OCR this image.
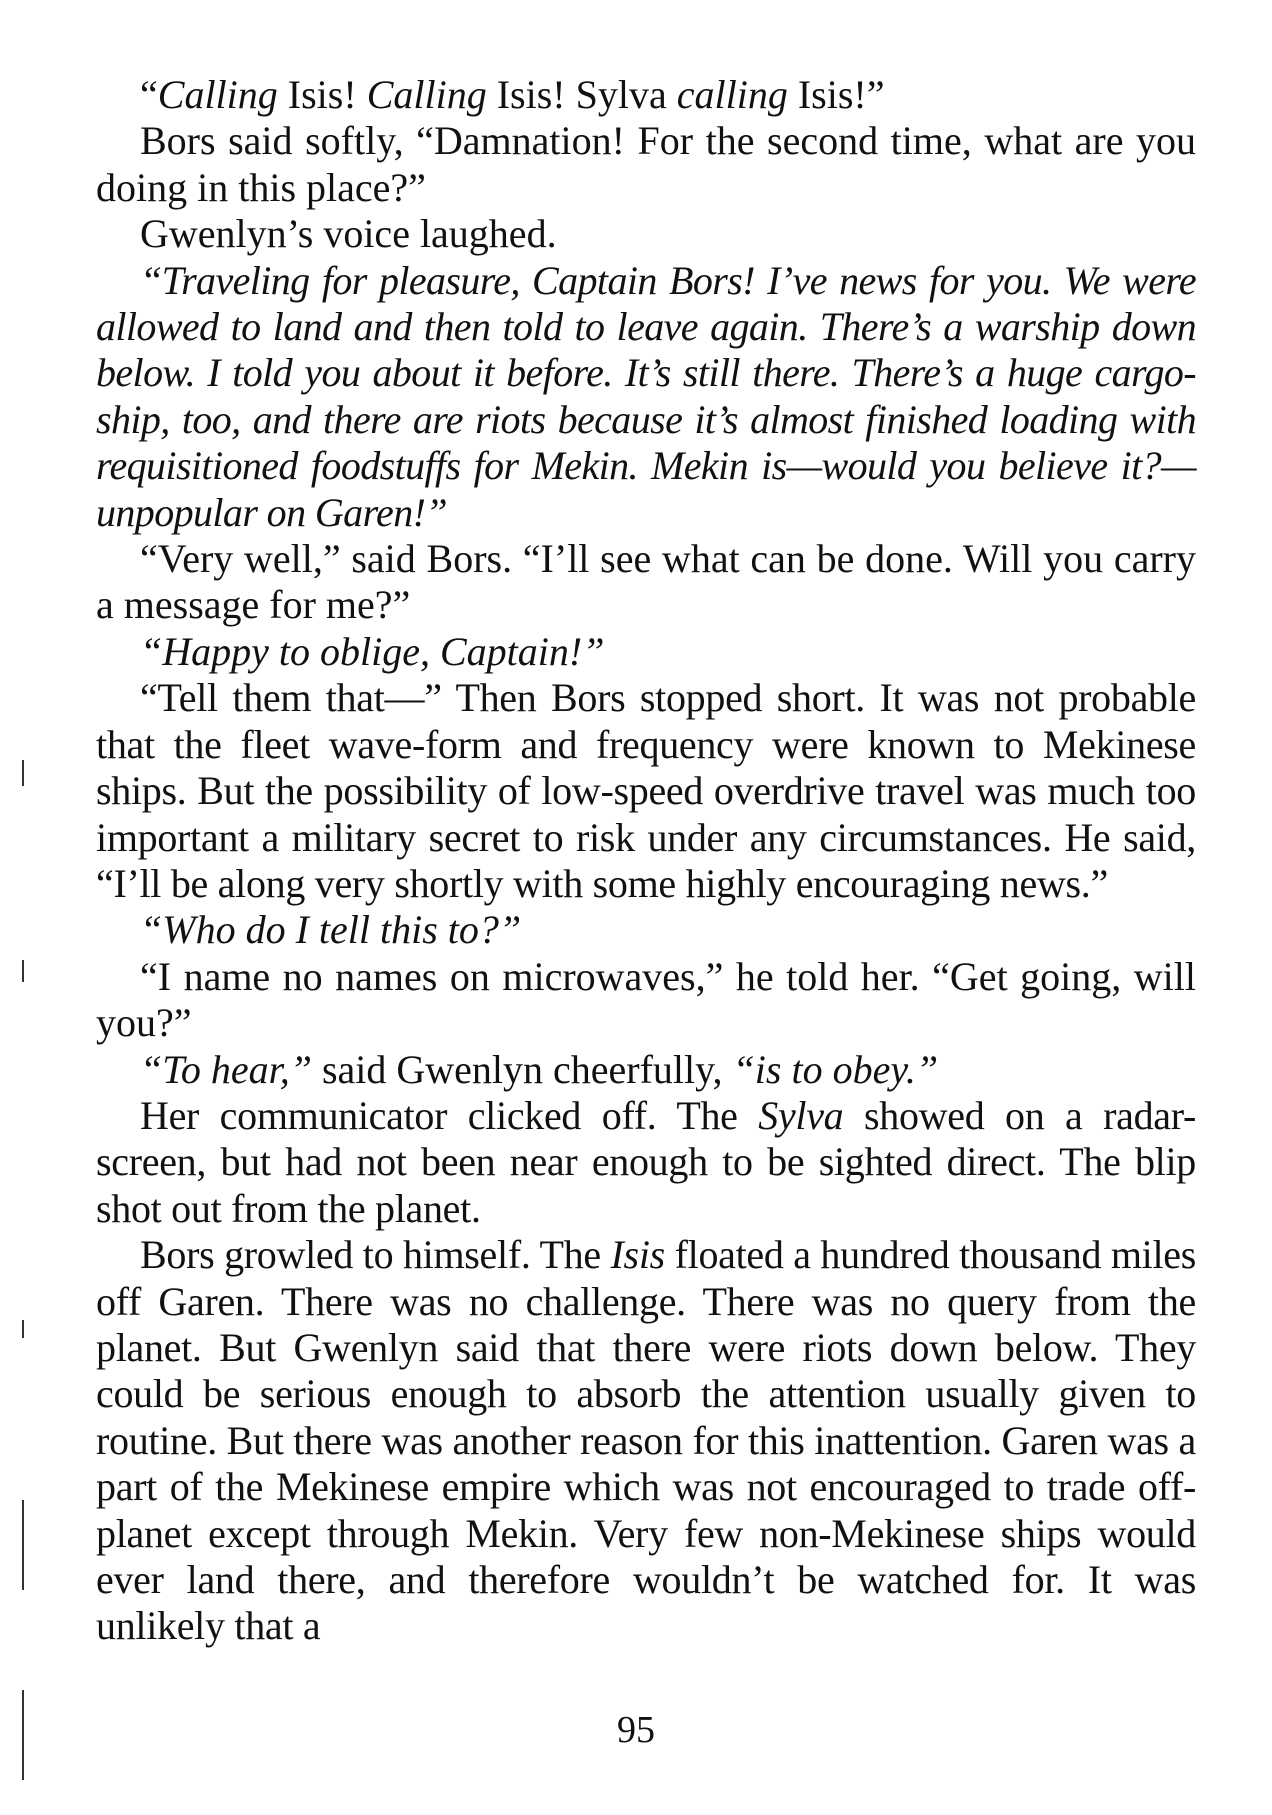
“Calling Isis! Calling Isis! Sylva calling Isis!”

Bors said softly, “Damnation! For the second time, what are you doing in this place?”

Gwenlyn’s voice laughed.

“Traveling for pleasure, Captain Bors! I’ve news for you. We were allowed to land and then told to leave again. There’s a warship down below. I told you about it before. It’s still there. There’s a huge cargo-ship, too, and there are riots because it’s almost finished loading with requisitioned foodstuffs for Mekin. Mekin is—would you believe it?—unpopular on Garen!”

“Very well,” said Bors. “I’ll see what can be done. Will you carry a message for me?”

“Happy to oblige, Captain!”

“Tell them that—” Then Bors stopped short. It was not probable that the fleet wave-form and frequency were known to Mekinese ships. But the possibility of low-speed overdrive travel was much too important a military secret to risk under any circumstances. He said, “I’ll be along very shortly with some highly encouraging news.”

“Who do I tell this to?”

“I name no names on microwaves,” he told her. “Get going, will you?”

“To hear,” said Gwenlyn cheerfully, “is to obey.”

Her communicator clicked off. The Sylva showed on a radar-screen, but had not been near enough to be sighted direct. The blip shot out from the planet.

Bors growled to himself. The Isis floated a hundred thousand miles off Garen. There was no challenge. There was no query from the planet. But Gwenlyn said that there were riots down below. They could be serious enough to absorb the attention usually given to routine. But there was another reason for this inattention. Garen was a part of the Mekinese empire which was not encouraged to trade off-planet except through Mekin. Very few non-Mekinese ships would ever land there, and therefore wouldn’t be watched for. It was unlikely that a

95
